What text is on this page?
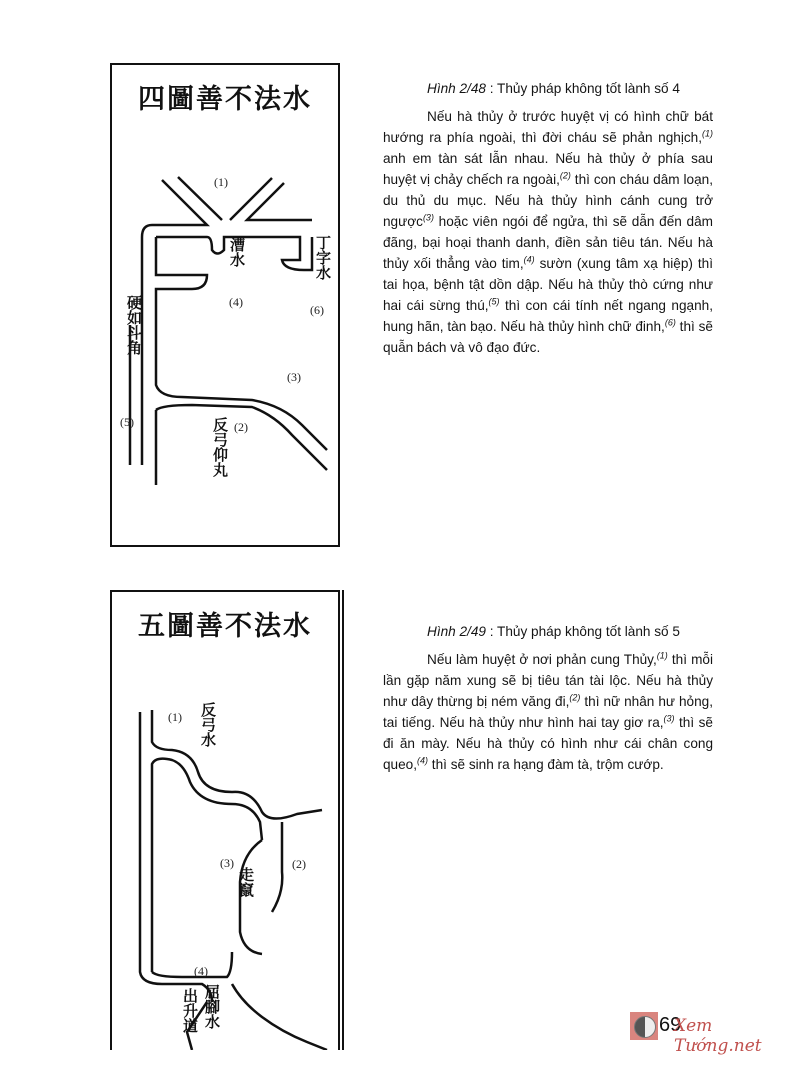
四圖善不法水
硬如斗角
(5)
漕水
(4)
丁字水
(6)
反弓仰丸 (2)
(1)
(3)
五圖善不法水
(1) 反弓水
(3)
走竄
(2)
(4)
屈腳水
出升道

Hình 2/48 : Thủy pháp không tốt lành số 4

Nếu hà thủy ở trước huyệt vị có hình chữ bát hướng ra phía ngoài, thì đời cháu sẽ phản nghịch,$^{(1)}$ anh em tàn sát lẫn nhau. Nếu hà thủy ở phía sau huyệt vị chảy chếch ra ngoài,$^{(2)}$ thì con cháu dâm loạn, du thủ du mục. Nếu hà thủy hình cánh cung trở ngược$^{(3)}$ hoặc viên ngói để ngửa, thì sẽ dẫn đến dâm đãng, bại hoại thanh danh, điền sản tiêu tán. Nếu hà thủy xối thẳng vào tim,$^{(4)}$ sườn (xung tâm xạ hiệp) thì tai họa, bệnh tật dồn dập. Nếu hà thủy thò cứng như hai cái sừng thú,$^{(5)}$ thì con cái tính nết ngang ngạnh, hung hãn, tàn bạo. Nếu hà thủy hình chữ đinh,$^{(6)}$ thì sẽ quẫn bách và vô đạo đức.

Hình 2/49 : Thủy pháp không tốt lành số 5

Nếu làm huyệt ở nơi phản cung Thủy,$^{(1)}$ thì mỗi lần gặp năm xung sẽ bị tiêu tán tài lộc. Nếu hà thủy như dây thừng bị ném văng đi,$^{(2)}$ thì nữ nhân hư hỏng, tai tiếng. Nếu hà thủy như hình hai tay giơ ra,$^{(3)}$ thì sẽ đi ăn mày. Nếu hà thủy có hình như cái chân cong queo,$^{(4)}$ thì sẽ sinh ra hạng đàm tà, trộm cướp.

69
Xem Tướng.net
